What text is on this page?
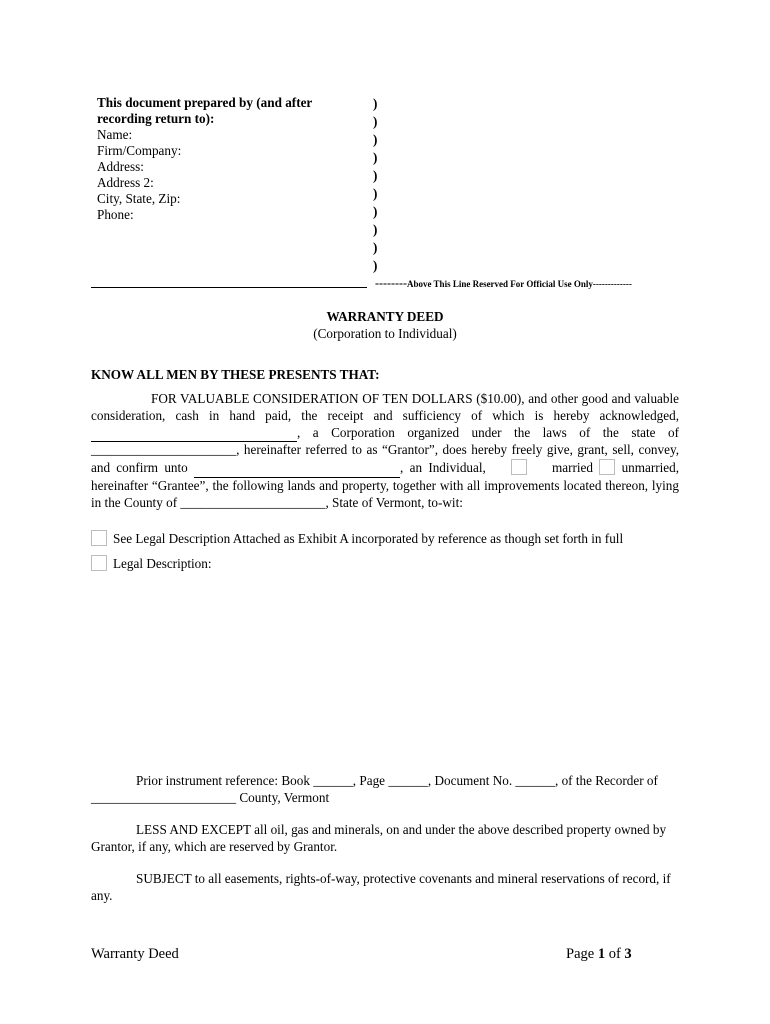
This document prepared by (and after recording return to):
Name:
Firm/Company:
Address:
Address 2:
City, State, Zip:
Phone:
)
)
)
)
)
)
)
)
)
)
--------Above This Line Reserved For Official Use Only-------------
WARRANTY DEED
(Corporation to Individual)
KNOW ALL MEN BY THESE PRESENTS THAT:
FOR VALUABLE CONSIDERATION OF TEN DOLLARS ($10.00), and other good and valuable consideration, cash in hand paid, the receipt and sufficiency of which is hereby acknowledged,  , a Corporation organized under the laws of the state of ______________________, hereinafter referred to as “Grantor”, does hereby freely give, grant, sell, convey, and confirm unto	, an Individual,	married unmarried, hereinafter “Grantee”, the following lands and property, together with all improvements located thereon, lying in the County of ______________________, State of Vermont, to-wit:
See Legal Description Attached as Exhibit A incorporated by reference as though set forth in full
Legal Description:
Prior instrument reference: Book ______, Page ______, Document No. ______, of the Recorder of ______________________ County, Vermont
LESS AND EXCEPT all oil, gas and minerals, on and under the above described property owned by Grantor, if any, which are reserved by Grantor.
SUBJECT to all easements, rights-of-way, protective covenants and mineral reservations of record, if any.
Warranty Deed	Page 1 of 3
